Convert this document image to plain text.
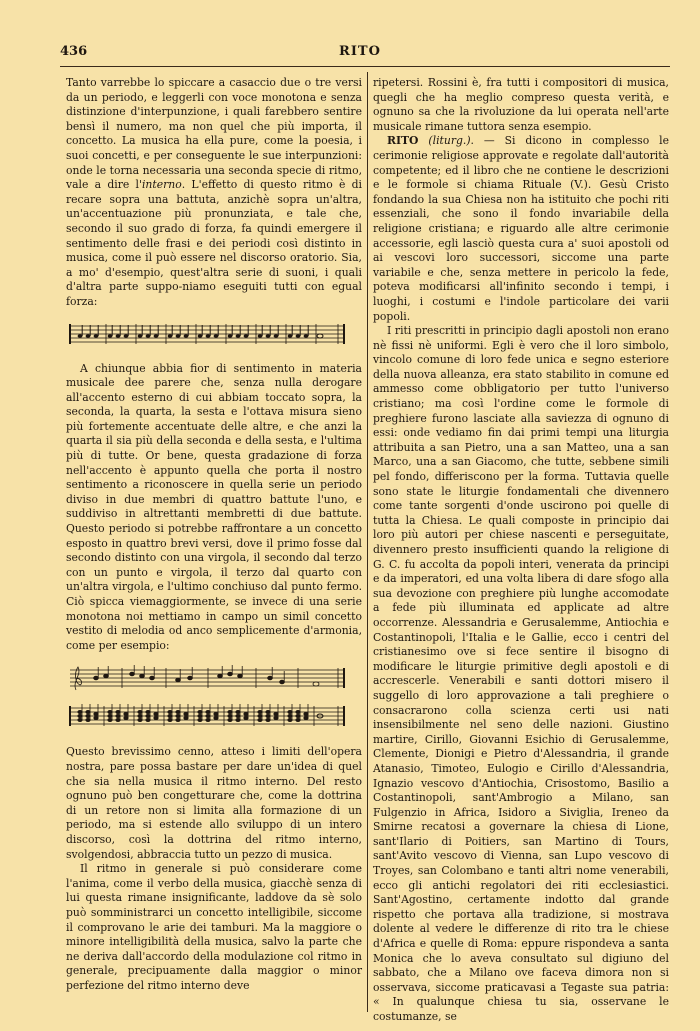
436	RITO

Tanto varrebbe lo spiccare a casaccio due o tre versi da un periodo, e leggerli con voce monotona e senza distinzione d'interpunzione, i quali farebbero sentire bensì il numero, ma non quel che più importa, il concetto. La musica ha ella pure, come la poesia, i suoi concetti, e per conseguente le sue interpunzioni: onde le torna necessaria una seconda specie di ritmo, vale a dire l'interno. L'effetto di questo ritmo è di recare sopra una battuta, anzichè sopra un'altra, un'accentuazione più pronunziata, e tale che, secondo il suo grado di forza, fa quindi emergere il sentimento delle frasi e dei periodi così distinto in musica, come il può essere nel discorso oratorio. Sia, a mo' d'esempio, quest'altra serie di suoni, i quali d'altra parte suppo-niamo eseguiti tutti con egual forza:

A chiunque abbia fior di sentimento in materia musicale dee parere che, senza nulla derogare all'accento esterno di cui abbiam toccato sopra, la seconda, la quarta, la sesta e l'ottava misura sieno più fortemente accentuate delle altre, e che anzi la quarta il sia più della seconda e della sesta, e l'ultima più di tutte. Or bene, questa gradazione di forza nell'accento è appunto quella che porta il nostro sentimento a riconoscere in quella serie un periodo diviso in due membri di quattro battute l'uno, e suddiviso in altrettanti membretti di due battute. Questo periodo si potrebbe raffrontare a un concetto esposto in quattro brevi versi, dove il primo fosse dal secondo distinto con una virgola, il secondo dal terzo con un punto e virgola, il terzo dal quarto con un'altra virgola, e l'ultimo conchiuso dal punto fermo. Ciò spicca viemaggiormente, se invece di una serie monotona noi mettiamo in campo un simil concetto vestito di melodia od anco semplicemente d'armonia, come per esempio:

Questo brevissimo cenno, atteso i limiti dell'opera nostra, pare possa bastare per dare un'idea di quel che sia nella musica il ritmo interno. Del resto ognuno può ben congetturare che, come la dottrina di un retore non si limita alla formazione di un periodo, ma si estende allo sviluppo di un intero discorso, così la dottrina del ritmo interno, svolgendosi, abbraccia tutto un pezzo di musica.

Il ritmo in generale si può considerare come l'anima, come il verbo della musica, giacchè senza di lui questa rimane insignificante, laddove da sè solo può somministrarci un concetto intelligibile, siccome il comprovano le arie dei tamburi. Ma la maggiore o minore intelligibilità della musica, salvo la parte che ne deriva dall'accordo della modulazione col ritmo in generale, precipuamente dalla maggior o minor perfezione del ritmo interno deve

ripetersi. Rossini è, fra tutti i compositori di musica, quegli che ha meglio compreso questa verità, e ognuno sa che la rivoluzione da lui operata nell'arte musicale rimane tuttora senza esempio.

RITO (liturg.). — Si dicono in complesso le cerimonie religiose approvate e regolate dall'autorità competente; ed il libro che ne contiene le descrizioni e le formole si chiama Rituale (V.). Gesù Cristo fondando la sua Chiesa non ha istituito che pochi riti essenziali, che sono il fondo invariabile della religione cristiana; e riguardo alle altre cerimonie accessorie, egli lasciò questa cura a' suoi apostoli od ai vescovi loro successori, siccome una parte variabile e che, senza mettere in pericolo la fede, poteva modificarsi all'infinito secondo i tempi, i luoghi, i costumi e l'indole particolare dei varii popoli.

I riti prescritti in principio dagli apostoli non erano nè fissi nè uniformi. Egli è vero che il loro simbolo, vincolo comune di loro fede unica e segno esteriore della nuova alleanza, era stato stabilito in comune ed ammesso come obbligatorio per tutto l'universo cristiano; ma così l'ordine come le formole di preghiere furono lasciate alla saviezza di ognuno di essi: onde vediamo fin dai primi tempi una liturgia attribuita a san Pietro, una a san Matteo, una a san Marco, una a san Giacomo, che tutte, sebbene simili pel fondo, differiscono per la forma. Tuttavia quelle sono state le liturgie fondamentali che divennero come tante sorgenti d'onde uscirono poi quelle di tutta la Chiesa. Le quali composte in principio dai loro più autori per chiese nascenti e perseguitate, divennero presto insufficienti quando la religione di G. C. fu accolta da popoli interi, venerata da principi e da imperatori, ed una volta libera di dare sfogo alla sua devozione con preghiere più lunghe accomodate a fede più illuminata ed applicate ad altre occorrenze. Alessandria e Gerusalemme, Antiochia e Costantinopoli, l'Italia e le Gallie, ecco i centri del cristianesimo ove si fece sentire il bisogno di modificare le liturgie primitive degli apostoli e di accrescerle. Venerabili e santi dottori misero il suggello di loro approvazione a tali preghiere o consacrarono colla scienza certi usi nati insensibilmente nel seno delle nazioni. Giustino martire, Cirillo, Giovanni Esichio di Gerusalemme, Clemente, Dionigi e Pietro d'Alessandria, il grande Atanasio, Timoteo, Eulogio e Cirillo d'Alessandria, Ignazio vescovo d'Antiochia, Crisostomo, Basilio a Costantinopoli, sant'Ambrogio a Milano, san Fulgenzio in Africa, Isidoro a Siviglia, Ireneo da Smirne recatosi a governare la chiesa di Lione, sant'Ilario di Poitiers, san Martino di Tours, sant'Avito vescovo di Vienna, san Lupo vescovo di Troyes, san Colombano e tanti altri nome venerabili, ecco gli antichi regolatori dei riti ecclesiastici. Sant'Agostino, certamente indotto dal grande rispetto che portava alla tradizione, si mostrava dolente al vedere le differenze di rito tra le chiese d'Africa e quelle di Roma: eppure rispondeva a santa Monica che lo aveva consultato sul digiuno del sabbato, che a Milano ove faceva dimora non si osservava, siccome praticavasi a Tegaste sua patria: « In qualunque chiesa tu sia, osservane le costumanze, se
